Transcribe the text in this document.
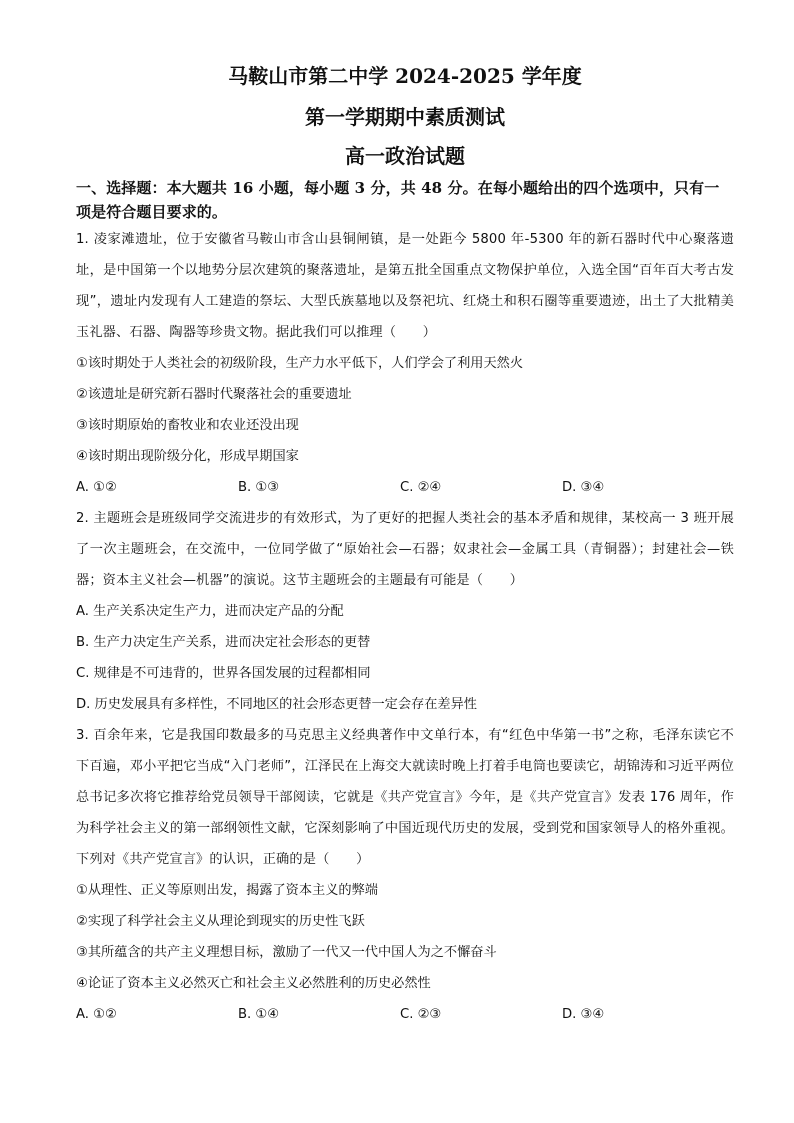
马鞍山市第二中学 2024-2025 学年度
第一学期期中素质测试
高一政治试题
一、选择题：本大题共 16 小题，每小题 3 分，共 48 分。在每小题给出的四个选项中，只有一项是符合题目要求的。
1. 凌家滩遗址，位于安徽省马鞍山市含山县铜闸镇，是一处距今 5800 年-5300 年的新石器时代中心聚落遗址，是中国第一个以地势分层次建筑的聚落遗址，是第五批全国重点文物保护单位，入选全国“百年百大考古发现”，遗址内发现有人工建造的祭坛、大型氏族墓地以及祭祀坑、红烧土和积石圈等重要遗迹，出土了大批精美玉礼器、石器、陶器等珍贵文物。据此我们可以推理（　　）
①该时期处于人类社会的初级阶段，生产力水平低下，人们学会了利用天然火
②该遗址是研究新石器时代聚落社会的重要遗址
③该时期原始的畜牧业和农业还没出现
④该时期出现阶级分化，形成早期国家
A. ①②	B. ①③	C. ②④	D. ③④
2. 主题班会是班级同学交流进步的有效形式，为了更好的把握人类社会的基本矛盾和规律，某校高一 3 班开展了一次主题班会，在交流中，一位同学做了“原始社会—石器；奴隶社会—金属工具（青铜器）；封建社会—铁器；资本主义社会—机器”的演说。这节主题班会的主题最有可能是（　　）
A. 生产关系决定生产力，进而决定产品的分配
B. 生产力决定生产关系，进而决定社会形态的更替
C. 规律是不可违背的，世界各国发展的过程都相同
D. 历史发展具有多样性，不同地区的社会形态更替一定会存在差异性
3. 百余年来，它是我国印数最多的马克思主义经典著作中文单行本，有“红色中华第一书”之称，毛泽东读它不下百遍，邓小平把它当成“入门老师”，江泽民在上海交大就读时晚上打着手电筒也要读它，胡锦涛和习近平两位总书记多次将它推荐给党员领导干部阅读，它就是《共产党宣言》今年，是《共产党宣言》发表 176 周年，作为科学社会主义的第一部纲领性文献，它深刻影响了中国近现代历史的发展，受到党和国家领导人的格外重视。下列对《共产党宣言》的认识，正确的是（　　）
①从理性、正义等原则出发，揭露了资本主义的弊端
②实现了科学社会主义从理论到现实的历史性飞跃
③其所蕴含的共产主义理想目标，激励了一代又一代中国人为之不懈奋斗
④论证了资本主义必然灭亡和社会主义必然胜利的历史必然性
A. ①②	B. ①④	C. ②③	D. ③④
